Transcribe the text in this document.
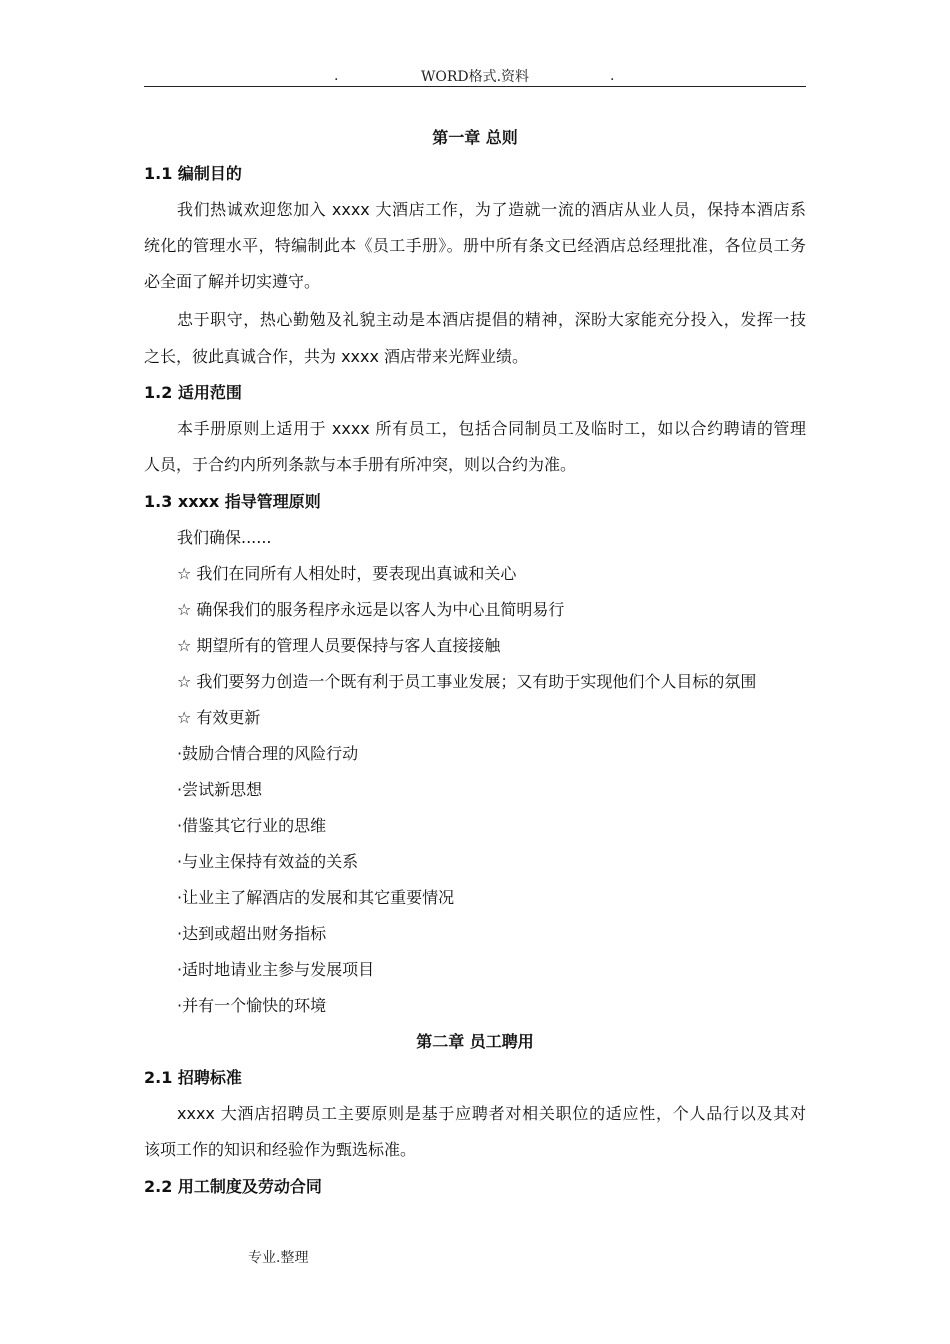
.	WORD格式.资料	.
第一章 总则
1.1 编制目的
我们热诚欢迎您加入 xxxx 大酒店工作，为了造就一流的酒店从业人员，保持本酒店系
统化的管理水平，特编制此本《员工手册》。册中所有条文已经酒店总经理批准，各位员工务
必全面了解并切实遵守。
忠于职守，热心勤勉及礼貌主动是本酒店提倡的精神，深盼大家能充分投入，发挥一技
之长，彼此真诚合作，共为 xxxx 酒店带来光辉业绩。
1.2 适用范围
本手册原则上适用于 xxxx 所有员工，包括合同制员工及临时工，如以合约聘请的管理
人员，于合约内所列条款与本手册有所冲突，则以合约为准。
1.3 xxxx 指导管理原则
我们确保......
☆ 我们在同所有人相处时，要表现出真诚和关心
☆ 确保我们的服务程序永远是以客人为中心且简明易行
☆ 期望所有的管理人员要保持与客人直接接触
☆ 我们要努力创造一个既有利于员工事业发展；又有助于实现他们个人目标的氛围
☆ 有效更新
·鼓励合情合理的风险行动
·尝试新思想
·借鉴其它行业的思维
·与业主保持有效益的关系
·让业主了解酒店的发展和其它重要情况
·达到或超出财务指标
·适时地请业主参与发展项目
·并有一个愉快的环境
第二章 员工聘用
2.1 招聘标准
xxxx 大酒店招聘员工主要原则是基于应聘者对相关职位的适应性，个人品行以及其对
该项工作的知识和经验作为甄选标准。
2.2 用工制度及劳动合同
专业.整理
